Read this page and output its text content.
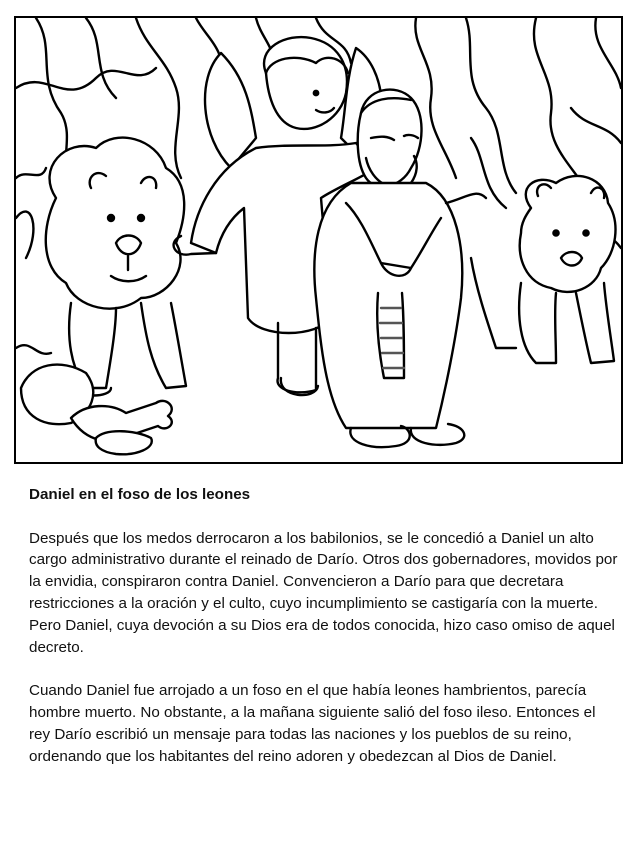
Daniel en el foso de los leones

Después que los medos derrocaron a los babilonios, se le concedió a Daniel un alto cargo administrativo durante el reinado de Darío. Otros dos gobernadores, movidos por la envidia, conspiraron contra Daniel. Convencieron a Darío para que decretara restricciones a la oración y el culto, cuyo incumplimiento se castigaría con la muerte. Pero Daniel, cuya devoción a su Dios era de todos conocida, hizo caso omiso de aquel decreto.

Cuando Daniel fue arrojado a un foso en el que había leones hambrientos, parecía hombre muerto. No obstante, a la mañana siguiente salió del foso ileso. Entonces el rey Darío escribió un mensaje para todas las naciones y los pueblos de su reino, ordenando que los habitantes del reino adoren y obedezcan al Dios de Daniel.
